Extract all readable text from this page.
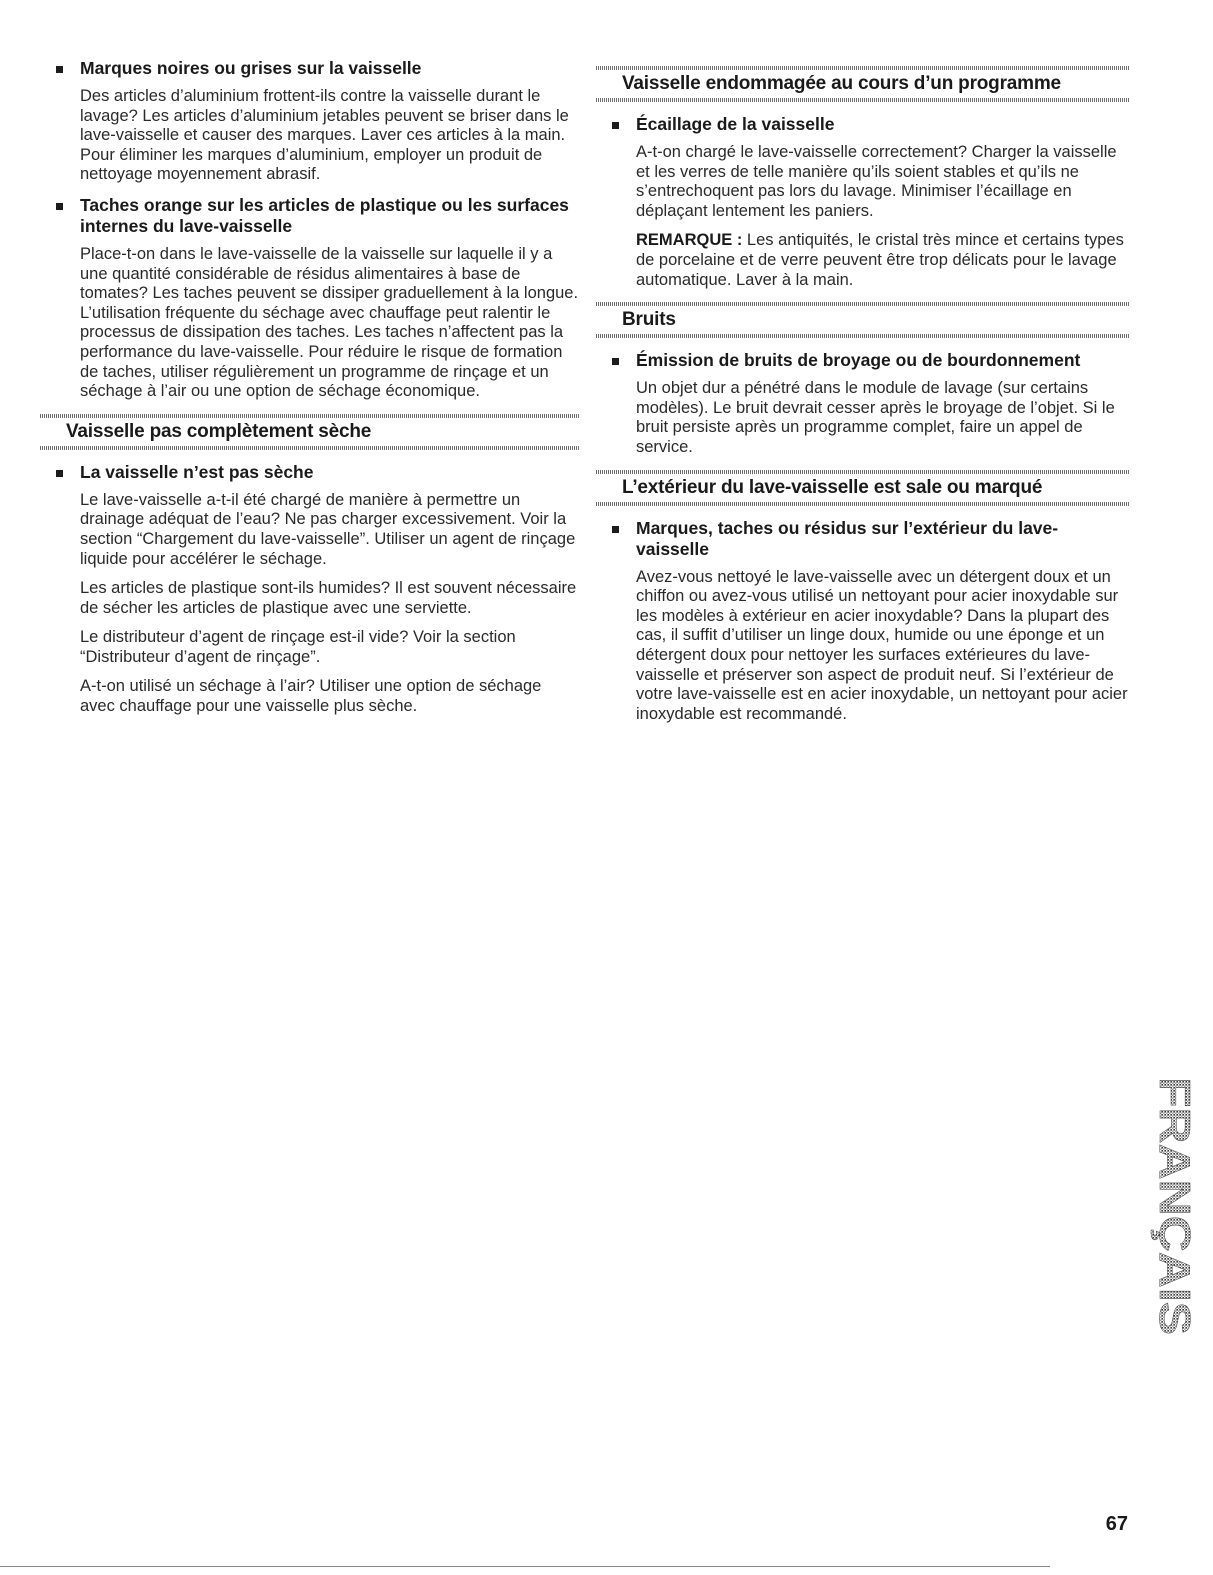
Marques noires ou grises sur la vaisselle

Des articles d’aluminium frottent-ils contre la vaisselle durant le lavage? Les articles d’aluminium jetables peuvent se briser dans le lave-vaisselle et causer des marques. Laver ces articles à la main. Pour éliminer les marques d’aluminium, employer un produit de nettoyage moyennement abrasif.

Taches orange sur les articles de plastique ou les surfaces internes du lave-vaisselle

Place-t-on dans le lave-vaisselle de la vaisselle sur laquelle il y a une quantité considérable de résidus alimentaires à base de tomates? Les taches peuvent se dissiper graduellement à la longue. L’utilisation fréquente du séchage avec chauffage peut ralentir le processus de dissipation des taches. Les taches n’affectent pas la performance du lave-vaisselle. Pour réduire le risque de formation de taches, utiliser régulièrement un programme de rinçage et un séchage à l’air ou une option de séchage économique.

Vaisselle pas complètement sèche
La vaisselle n’est pas sèche

Le lave-vaisselle a-t-il été chargé de manière à permettre un drainage adéquat de l’eau? Ne pas charger excessivement. Voir la section “Chargement du lave-vaisselle”. Utiliser un agent de rinçage liquide pour accélérer le séchage.

Les articles de plastique sont-ils humides? Il est souvent nécessaire de sécher les articles de plastique avec une serviette.

Le distributeur d’agent de rinçage est-il vide? Voir la section “Distributeur d’agent de rinçage”.

A-t-on utilisé un séchage à l’air? Utiliser une option de séchage avec chauffage pour une vaisselle plus sèche.

Vaisselle endommagée au cours d’un programme
Écaillage de la vaisselle

A-t-on chargé le lave-vaisselle correctement? Charger la vaisselle et les verres de telle manière qu’ils soient stables et qu’ils ne s’entrechoquent pas lors du lavage. Minimiser l’écaillage en déplaçant lentement les paniers.

REMARQUE : Les antiquités, le cristal très mince et certains types de porcelaine et de verre peuvent être trop délicats pour le lavage automatique. Laver à la main.

Bruits
Émission de bruits de broyage ou de bourdonnement

Un objet dur a pénétré dans le module de lavage (sur certains modèles). Le bruit devrait cesser après le broyage de l’objet. Si le bruit persiste après un programme complet, faire un appel de service.

L’extérieur du lave-vaisselle est sale ou marqué
Marques, taches ou résidus sur l’extérieur du lave-vaisselle

Avez-vous nettoyé le lave-vaisselle avec un détergent doux et un chiffon ou avez-vous utilisé un nettoyant pour acier inoxydable sur les modèles à extérieur en acier inoxydable? Dans la plupart des cas, il suffit d’utiliser un linge doux, humide ou une éponge et un détergent doux pour nettoyer les surfaces extérieures du lave-vaisselle et préserver son aspect de produit neuf. Si l’extérieur de votre lave-vaisselle est en acier inoxydable, un nettoyant pour acier inoxydable est recommandé.

FRANÇAIS
67
